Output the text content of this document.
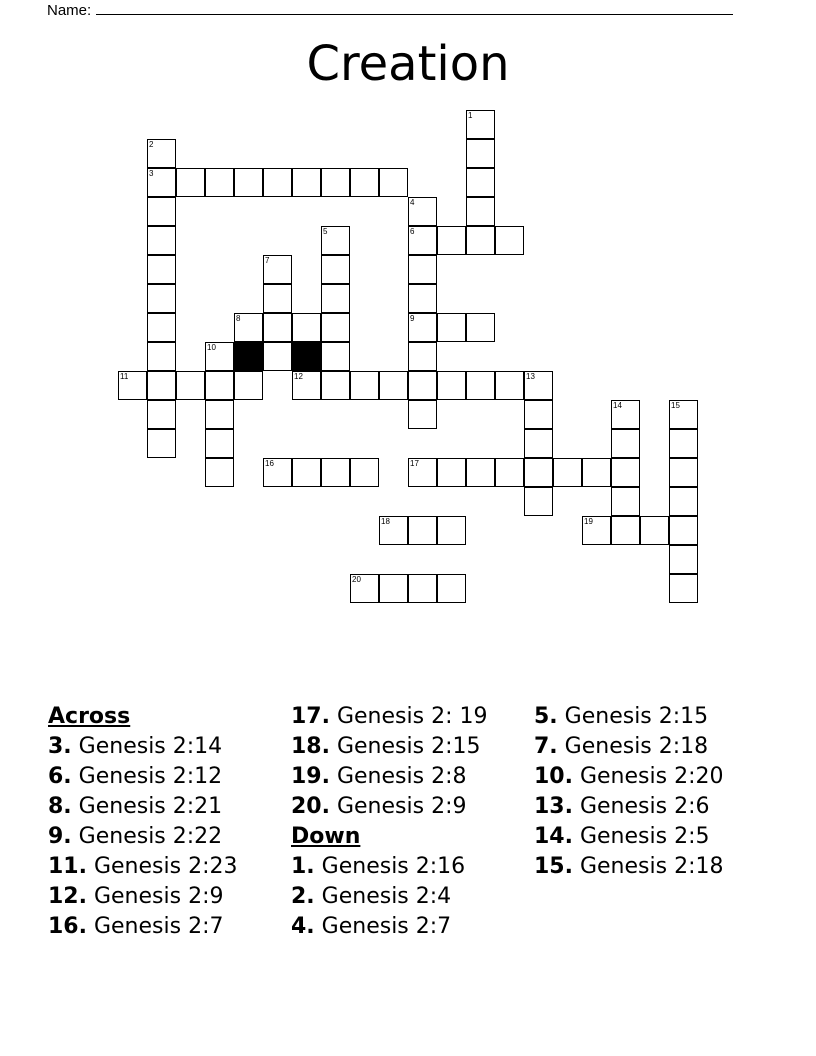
Name:
Creation
1
2
3
4
5	6
7
8	9
10
11	12	13
14	15
16	17
18	19
20
Across
3. Genesis 2:14
6. Genesis 2:12
8. Genesis 2:21
9. Genesis 2:22
11. Genesis 2:23
12. Genesis 2:9
16. Genesis 2:7
17. Genesis 2: 19
18. Genesis 2:15
19. Genesis 2:8
20. Genesis 2:9
Down
1. Genesis 2:16
2. Genesis 2:4
4. Genesis 2:7
5. Genesis 2:15
7. Genesis 2:18
10. Genesis 2:20
13. Genesis 2:6
14. Genesis 2:5
15. Genesis 2:18
